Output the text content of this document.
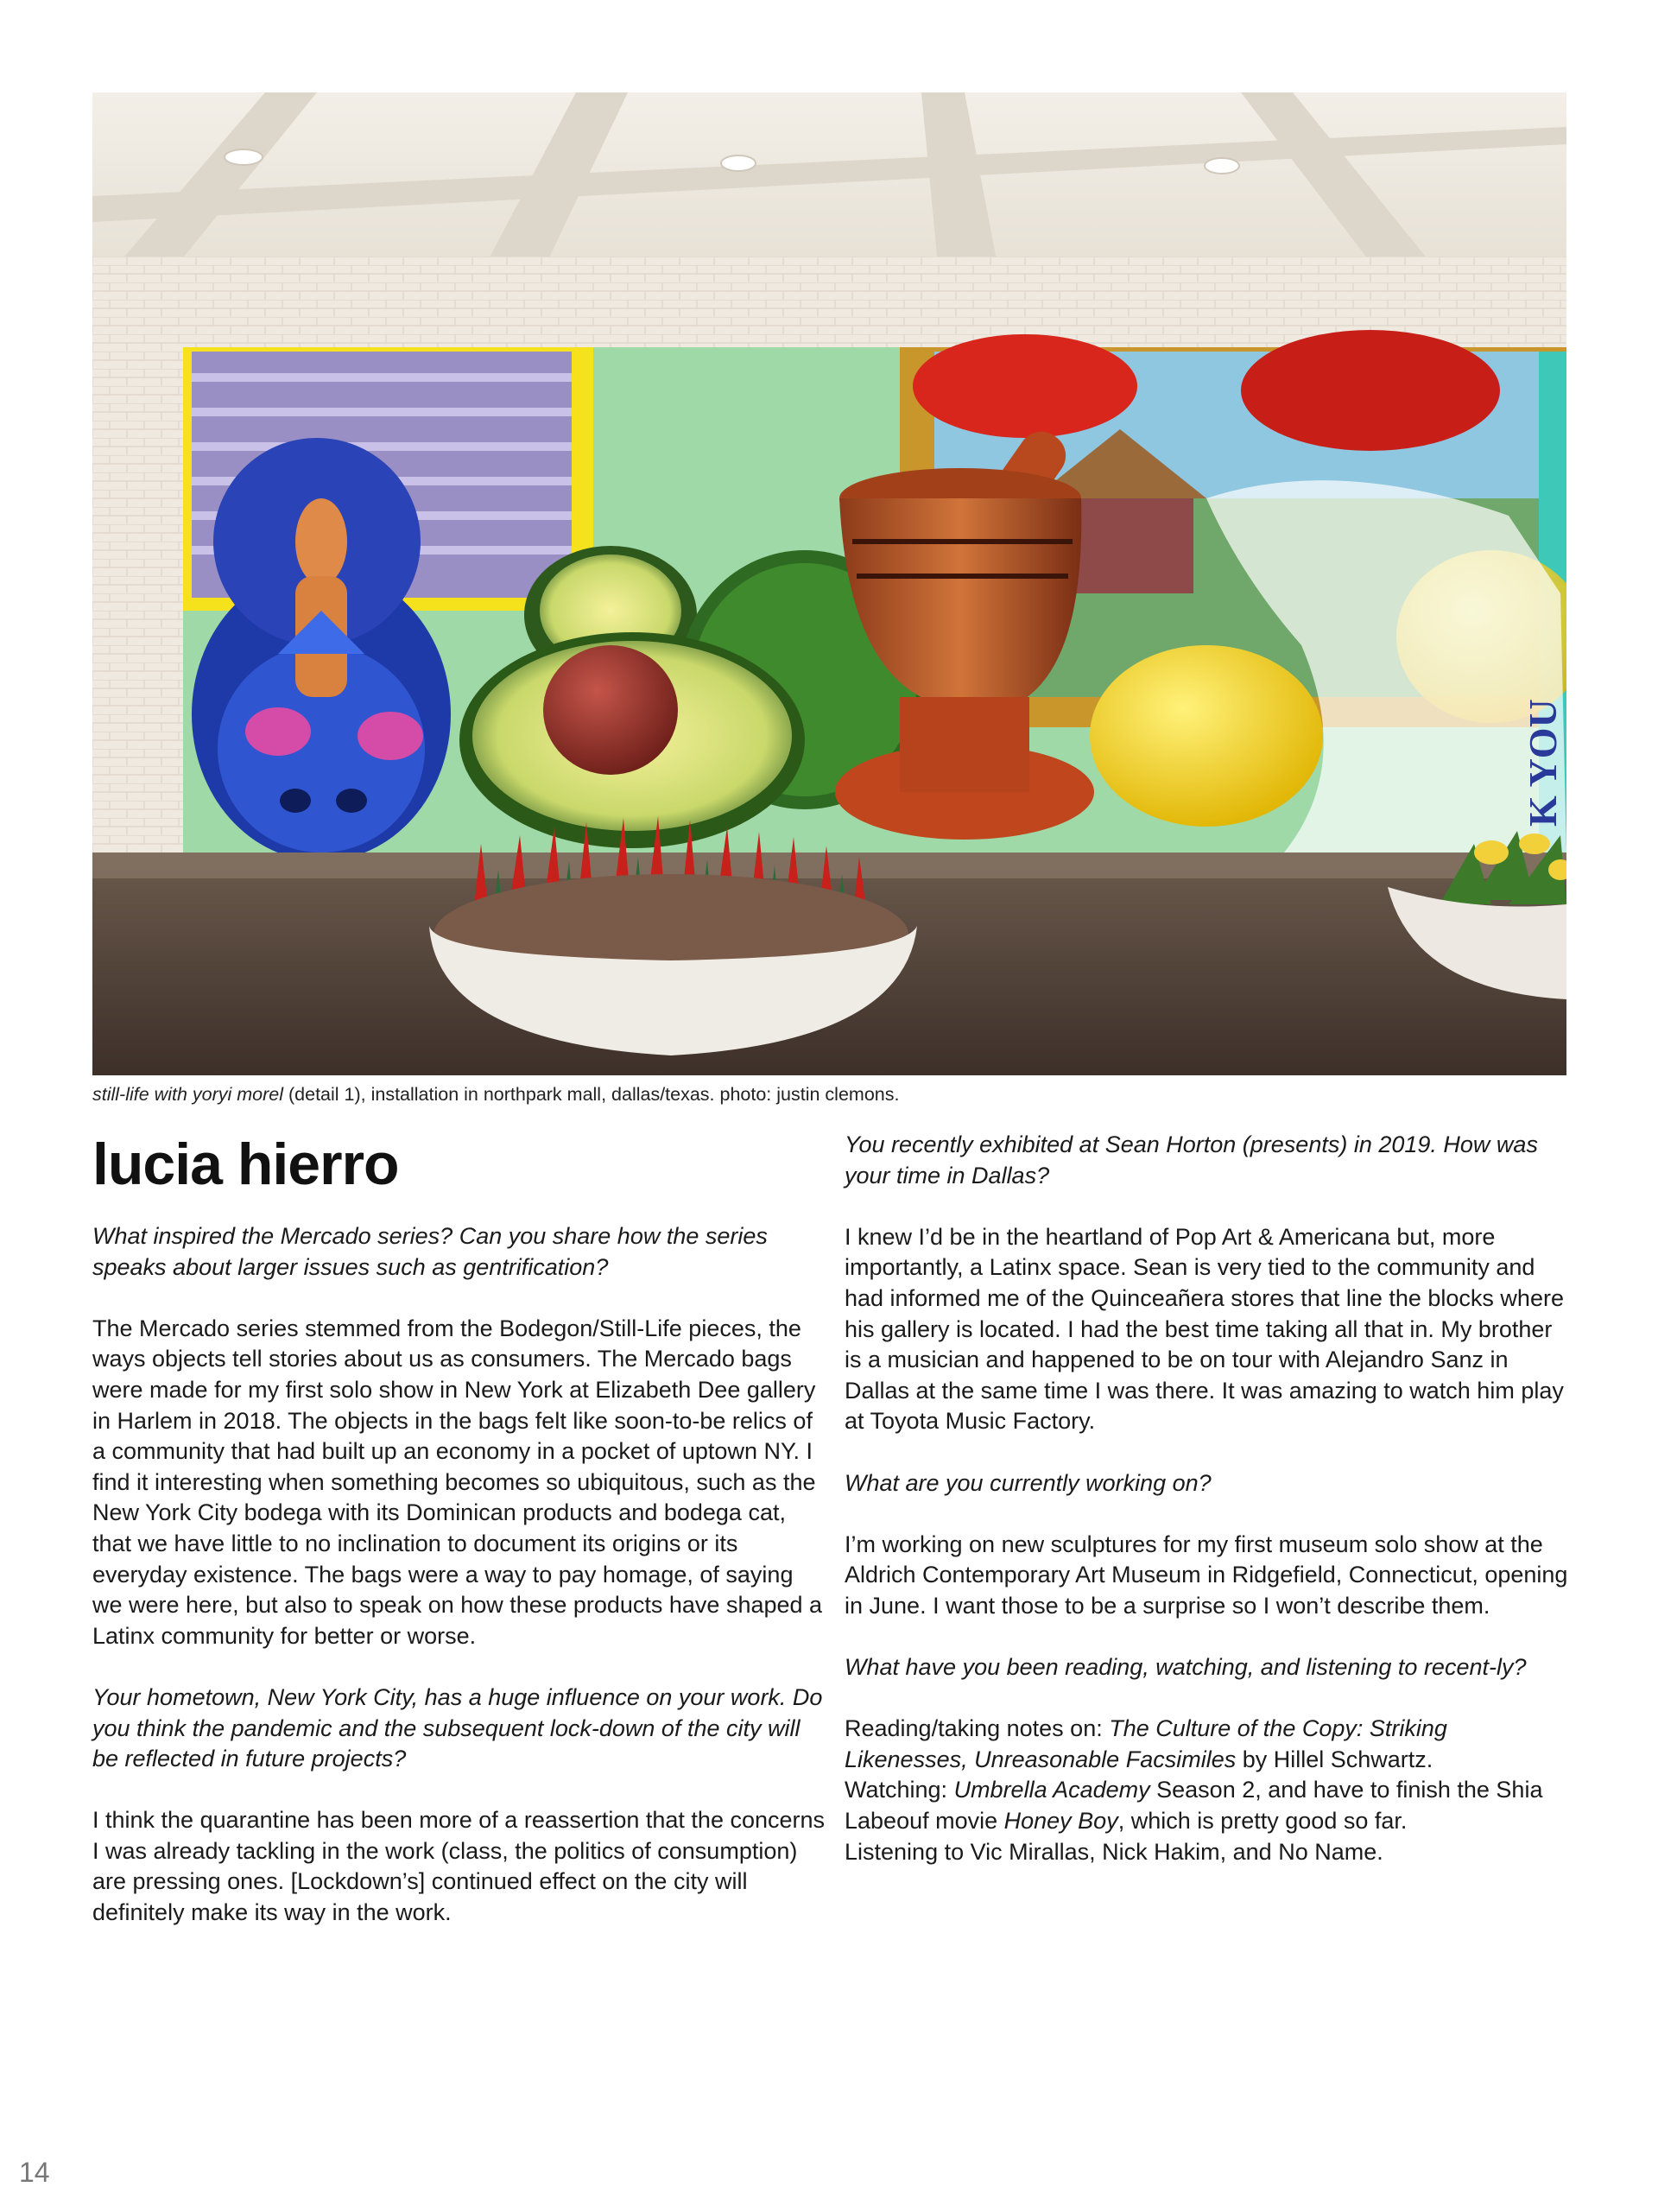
K YOU
still-life with yoryi morel (detail 1), installation in northpark mall, dallas/texas. photo: justin clemons.
lucia hierro

What inspired the Mercado series? Can you share how the series speaks about larger issues such as gentrification?

The Mercado series stemmed from the Bodegon/Still-Life pieces, the ways objects tell stories about us as consumers. The Mercado bags were made for my first solo show in New York at Elizabeth Dee gallery in Harlem in 2018. The objects in the bags felt like soon-to-be relics of a community that had built up an economy in a pocket of uptown NY. I find it interesting when something becomes so ubiquitous, such as the New York City bodega with its Dominican products and bodega cat, that we have little to no inclination to document its origins or its everyday existence. The bags were a way to pay homage, of saying we were here, but also to speak on how these products have shaped a Latinx community for better or worse.

Your hometown, New York City, has a huge influence on your work. Do you think the pandemic and the subsequent lock-down of the city will be reflected in future projects?

I think the quarantine has been more of a reassertion that the concerns I was already tackling in the work (class, the politics of consumption) are pressing ones. [Lockdown’s] continued effect on the city will definitely make its way in the work.

You recently exhibited at Sean Horton (presents) in 2019. How was your time in Dallas?

I knew I’d be in the heartland of Pop Art & Americana but, more importantly, a Latinx space. Sean is very tied to the community and had informed me of the Quinceañera stores that line the blocks where his gallery is located. I had the best time taking all that in. My brother is a musician and happened to be on tour with Alejandro Sanz in Dallas at the same time I was there. It was amazing to watch him play at Toyota Music Factory.

What are you currently working on?

I’m working on new sculptures for my first museum solo show at the Aldrich Contemporary Art Museum in Ridgefield, Connecticut, opening in June. I want those to be a surprise so I won’t describe them.

What have you been reading, watching, and listening to recent-ly?

Reading/taking notes on: The Culture of the Copy: Striking Likenesses, Unreasonable Facsimiles by Hillel Schwartz.
Watching: Umbrella Academy Season 2, and have to finish the Shia Labeouf movie Honey Boy, which is pretty good so far.
Listening to Vic Mirallas, Nick Hakim, and No Name.

14
